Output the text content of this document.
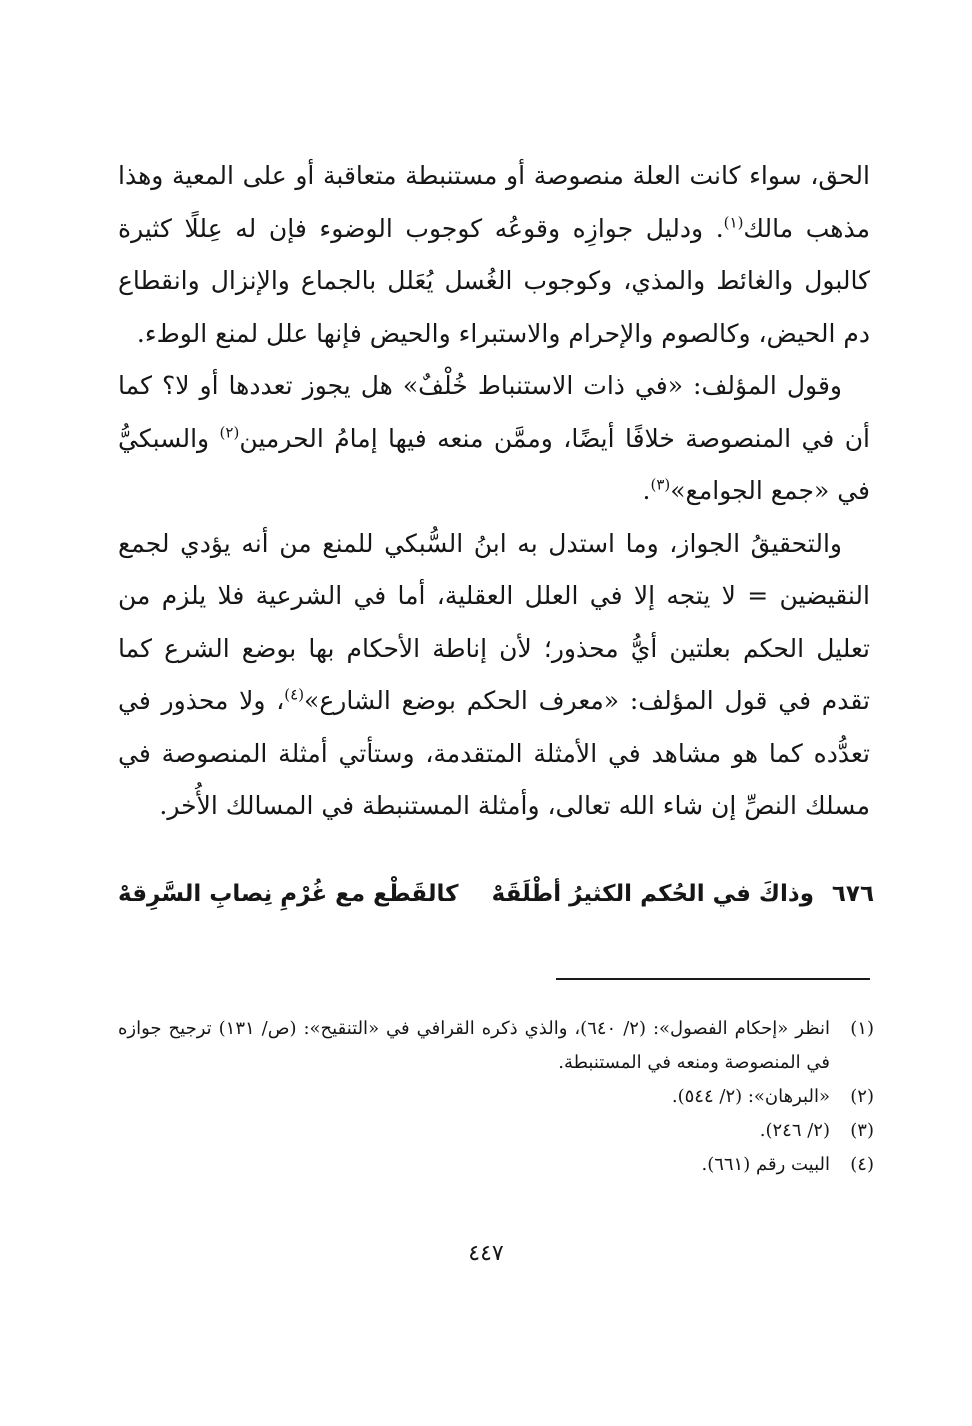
الحق، سواء كانت العلة منصوصة أو مستنبطة متعاقبة أو على المعية وهذا مذهب مالك$^{(١)}$. ودليل جوازِه وقوعُه كوجوب الوضوء فإن له عِللًا كثيرة كالبول والغائط والمذي، وكوجوب الغُسل يُعَلل بالجماع والإنزال وانقطاع دم الحيض، وكالصوم والإحرام والاستبراء والحيض فإنها علل لمنع الوطء.

وقول المؤلف: «في ذات الاستنباط خُلْفٌ» هل يجوز تعددها أو لا؟ كما أن في المنصوصة خلافًا أيضًا، وممَّن منعه فيها إمامُ الحرمين$^{(٢)}$ والسبكيُّ في «جمع الجوامع»$^{(٣)}$.

والتحقيقُ الجواز، وما استدل به ابنُ السُّبكي للمنع من أنه يؤدي لجمع النقيضين = لا يتجه إلا في العلل العقلية، أما في الشرعية فلا يلزم من تعليل الحكم بعلتين أيُّ محذور؛ لأن إناطة الأحكام بها بوضع الشرع كما تقدم في قول المؤلف: «معرف الحكم بوضع الشارع»$^{(٤)}$، ولا محذور في تعدُّده كما هو مشاهد في الأمثلة المتقدمة، وستأتي أمثلة المنصوصة في مسلك النصِّ إن شاء الله تعالى، وأمثلة المستنبطة في المسالك الأُخر.

٦٧٦
وذاكَ في الحُكم الكثيرُ أطْلَقَهْ
كالقَطْع مع غُرْمِ نِصابِ السَّرِقهْ
(١)
انظر «إحكام الفصول»: (٢/ ٦٤٠)، والذي ذكره القرافي في «التنقيح»: (ص/ ١٣١) ترجيح جوازه في المنصوصة ومنعه في المستنبطة.
(٢)
«البرهان»: (٢/ ٥٤٤).
(٣)
(٢/ ٢٤٦).
(٤)
البيت رقم (٦٦١).
٤٤٧
